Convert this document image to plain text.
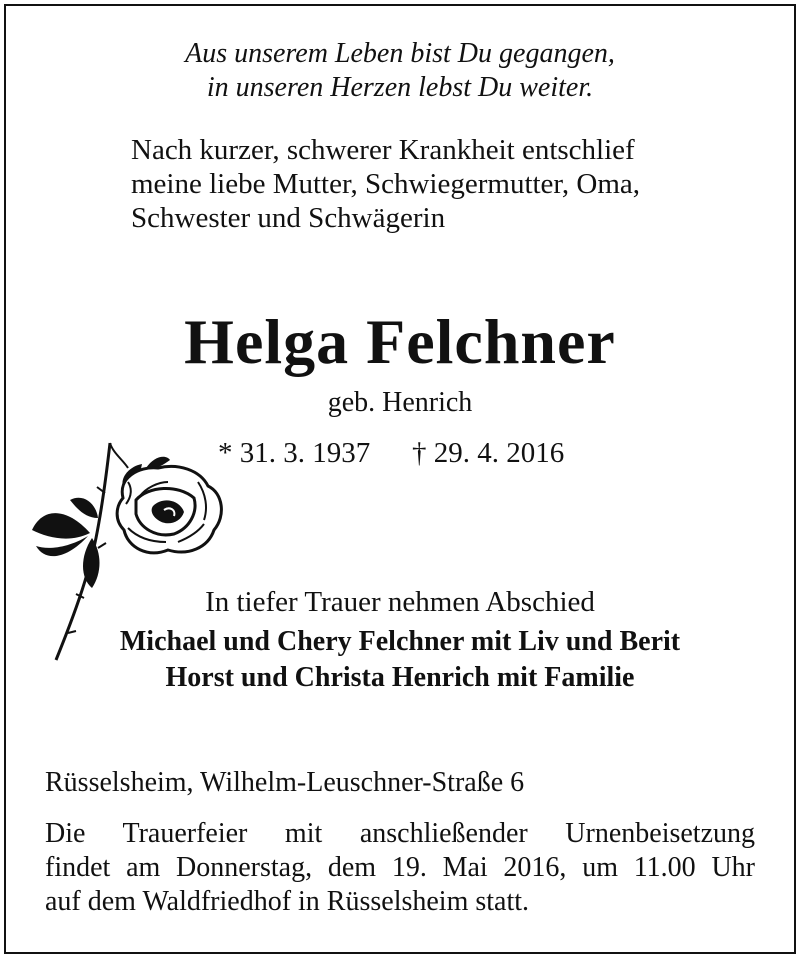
Aus unserem Leben bist Du gegangen,
in unseren Herzen lebst Du weiter.
Nach kurzer, schwerer Krankheit entschlief
meine liebe Mutter, Schwiegermutter, Oma,
Schwester und Schwägerin
Helga Felchner
geb. Henrich
* 31. 3. 1937 † 29. 4. 2016
In tiefer Trauer nehmen Abschied
Michael und Chery Felchner mit Liv und Berit
Horst und Christa Henrich mit Familie
Rüsselsheim, Wilhelm-Leuschner-Straße 6
Die Trauerfeier mit anschließender Urnenbeisetzung
findet am Donnerstag, dem 19. Mai 2016, um 11.00 Uhr
auf dem Waldfriedhof in Rüsselsheim statt.
